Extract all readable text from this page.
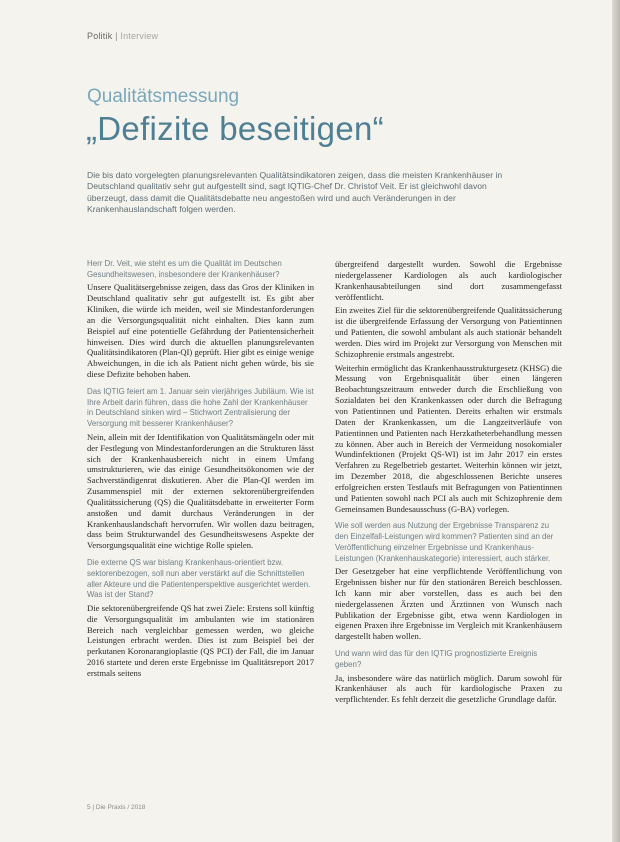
Politik | Interview
Qualitätsmessung
„Defizite beseitigen“

Die bis dato vorgelegten planungsrelevanten Qualitätsindikatoren zeigen, dass die meisten Krankenhäuser in Deutschland qualitativ sehr gut aufgestellt sind, sagt IQTIG-Chef Dr. Christof Veit. Er ist gleichwohl davon überzeugt, dass damit die Qualitätsdebatte neu angestoßen wird und auch Veränderungen in der Krankenhauslandschaft folgen werden.

Herr Dr. Veit, wie steht es um die Qualität im Deutschen Gesundheitswesen, insbesondere der Krankenhäuser?

Unsere Qualitätsergebnisse zeigen, dass das Gros der Kliniken in Deutschland qualitativ sehr gut aufgestellt ist. Es gibt aber Kliniken, die würde ich meiden, weil sie Mindestanforderungen an die Versorgungsqualität nicht einhalten. Dies kann zum Beispiel auf eine potentielle Gefährdung der Patientensicherheit hinweisen. Dies wird durch die aktuellen planungsrelevanten Qualitätsindikatoren (Plan-QI) geprüft. Hier gibt es einige wenige Abweichungen, in die ich als Patient nicht gehen würde, bis sie diese Defizite behoben haben.

Das IQTIG feiert am 1. Januar sein vierjähriges Jubiläum. Wie ist Ihre Arbeit darin führen, dass die hohe Zahl der Krankenhäuser in Deutschland sinken wird – Stichwort Zentralisierung der Versorgung mit besserer Krankenhäuser?

Nein, allein mit der Identifikation von Qualitätsmängeln oder mit der Festlegung von Mindestanforderungen an die Strukturen lässt sich der Krankenhausbereich nicht in einem Umfang umstrukturieren, wie das einige Gesundheitsökonomen wie der Sachverständigenrat diskutieren. Aber die Plan-QI werden im Zusammenspiel mit der externen sektorenübergreifenden Qualitätssicherung (QS) die Qualitätsdebatte in erweiterter Form anstoßen und damit durchaus Veränderungen in der Krankenhauslandschaft hervorrufen. Wir wollen dazu beitragen, dass beim Strukturwandel des Gesundheitswesens Aspekte der Versorgungsqualität eine wichtige Rolle spielen.

Die externe QS war bislang Krankenhaus-orientiert bzw. sektorenbezogen, soll nun aber verstärkt auf die Schnittstellen aller Akteure und die Patientenperspektive ausgerichtet werden. Was ist der Stand?

Die sektorenübergreifende QS hat zwei Ziele: Erstens soll künftig die Versorgungsqualität im ambulanten wie im stationären Bereich nach vergleichbar gemessen werden, wo gleiche Leistungen erbracht werden. Dies ist zum Beispiel bei der perkutanen Koronarangioplastie (QS PCI) der Fall, die im Januar 2016 startete und deren erste Ergebnisse im Qualitätsreport 2017 erstmals seitens

übergreifend dargestellt wurden. Sowohl die Ergebnisse niedergelassener Kardiologen als auch kardiologischer Krankenhausabteilungen sind dort zusammengefasst veröffentlicht.

Ein zweites Ziel für die sektorenübergreifende Qualitätssicherung ist die übergreifende Erfassung der Versorgung von Patientinnen und Patienten, die sowohl ambulant als auch stationär behandelt werden. Dies wird im Projekt zur Versorgung von Menschen mit Schizophrenie erstmals angestrebt.

Weiterhin ermöglicht das Krankenhausstrukturgesetz (KHSG) die Messung von Ergebnisqualität über einen längeren Beobachtungszeitraum entweder durch die Erschließung von Sozialdaten bei den Krankenkassen oder durch die Befragung von Patientinnen und Patienten. Dereits erhalten wir erstmals Daten der Krankenkassen, um die Langzeitverläufe von Patientinnen und Patienten nach Herzkatheterbehandlung messen zu können. Aber auch in Bereich der Vermeidung nosokomialer Wundinfektionen (Projekt QS-WI) ist im Jahr 2017 ein erstes Verfahren zu Regelbetrieb gestartet. Weiterhin können wir jetzt, im Dezember 2018, die abgeschlossenen Berichte unseres erfolgreichen ersten Testlaufs mit Befragungen von Patientinnen und Patienten sowohl nach PCI als auch mit Schizophrenie dem Gemeinsamen Bundesausschuss (G-BA) vorlegen.

Wie soll werden aus Nutzung der Ergebnisse Transparenz zu den Einzelfall-Leistungen wird kommen? Patienten sind an der Veröffentlichung einzelner Ergebnisse und Krankenhaus-Leistungen (Krankenhauskategorie) interessiert, auch stärker.

Der Gesetzgeber hat eine verpflichtende Veröffentlichung von Ergebnissen bisher nur für den stationären Bereich beschlossen. Ich kann mir aber vorstellen, dass es auch bei den niedergelassenen Ärzten und Ärztinnen von Wunsch nach Publikation der Ergebnisse gibt, etwa wenn Kardiologen in eigenen Praxen ihre Ergebnisse im Vergleich mit Krankenhäusern dargestellt haben wollen.

Und wann wird das für den IQTIG prognostizierte Ereignis geben?

Ja, insbesondere wäre das natürlich möglich. Darum sowohl für Krankenhäuser als auch für kardiologische Praxen zu verpflichtender. Es fehlt derzeit die gesetzliche Grundlage dafür.

5 | Die Praxis / 2018
